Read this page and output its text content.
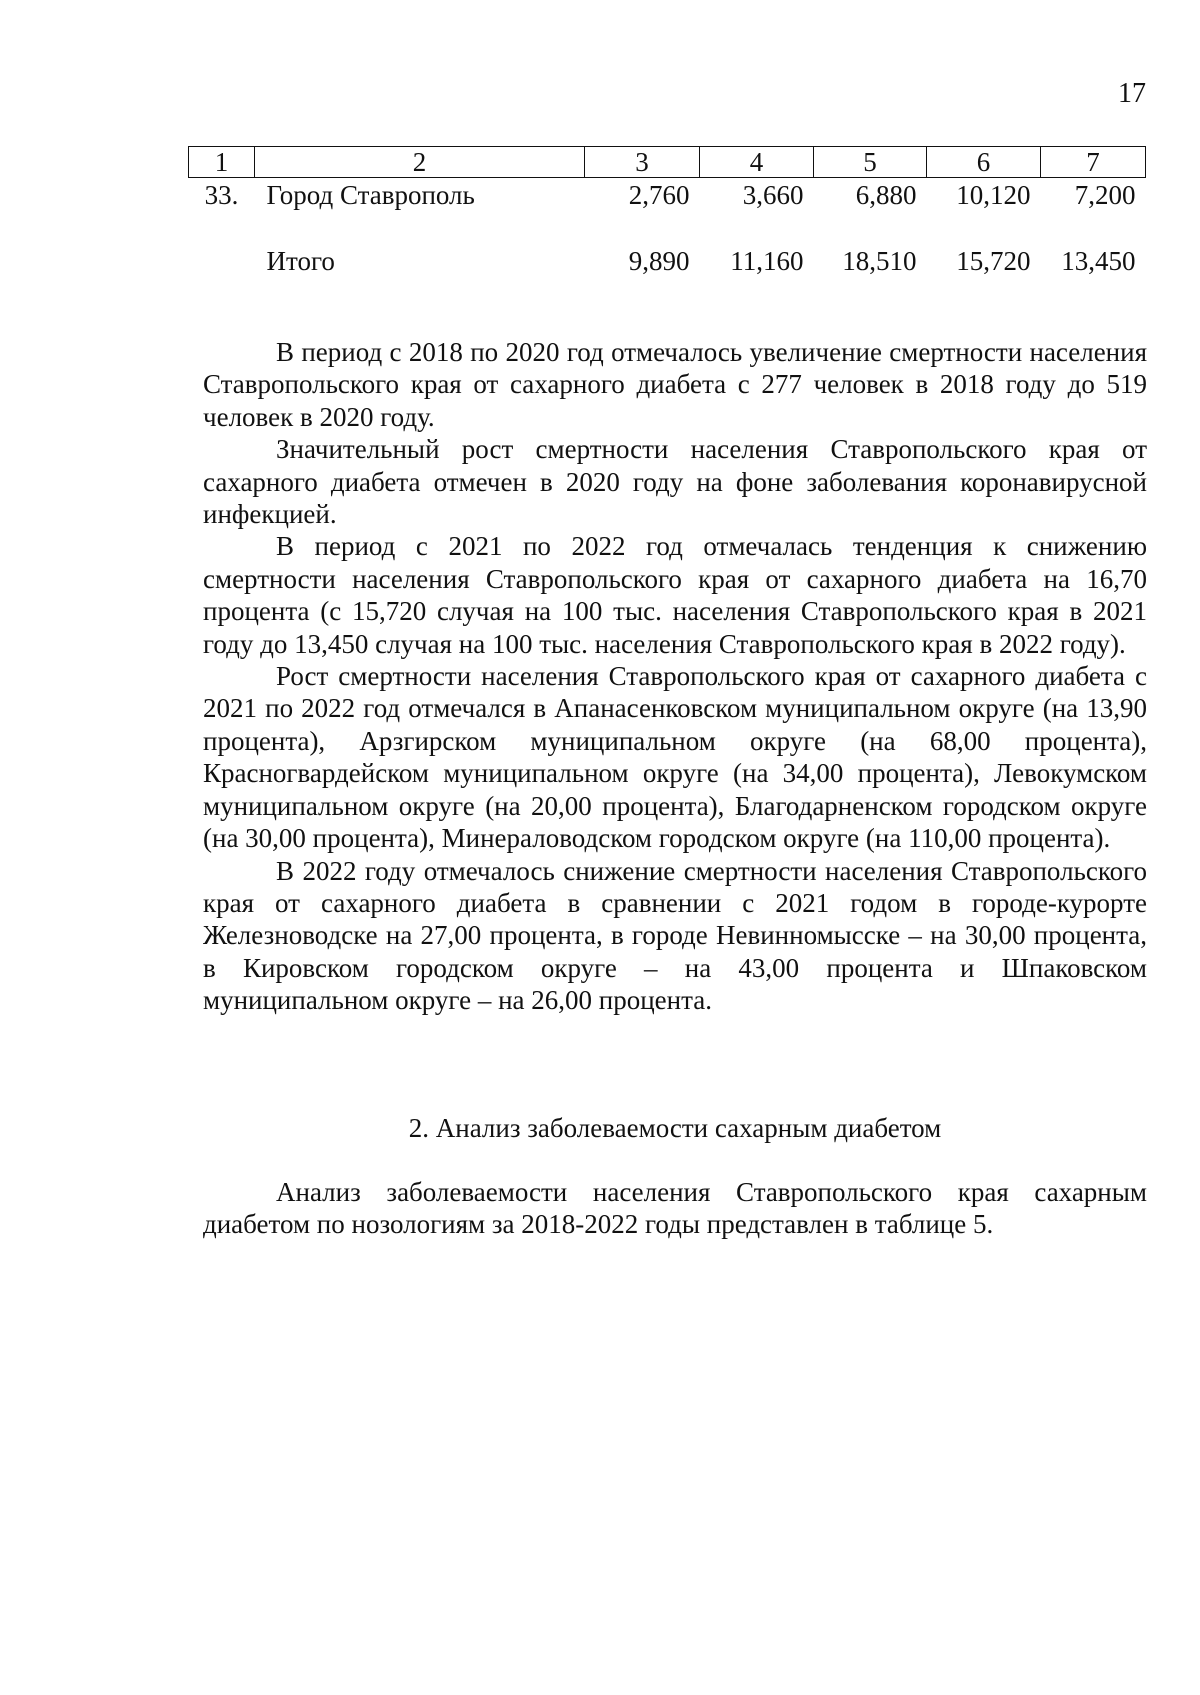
17
1	2	3	4	5	6	7
33.	Город Ставрополь	2,760	3,660	6,880	10,120	7,200

	Итого	9,890	11,160	18,510	15,720	13,450

В период с 2018 по 2020 год отмечалось увеличение смертности населения Ставропольского края от сахарного диабета с 277 человек в 2018 году до 519 человек в 2020 году.

Значительный рост смертности населения Ставропольского края от сахарного диабета отмечен в 2020 году на фоне заболевания коронавирусной инфекцией.

В период с 2021 по 2022 год отмечалась тенденция к снижению смертности населения Ставропольского края от сахарного диабета на 16,70 процента (с 15,720 случая на 100 тыс. населения Ставропольского края в 2021 году до 13,450 случая на 100 тыс. населения Ставропольского края в 2022 году).

Рост смертности населения Ставропольского края от сахарного диабета с 2021 по 2022 год отмечался в Апанасенковском муниципальном округе (на 13,90 процента), Арзгирском муниципальном округе (на 68,00 процента), Красногвардейском муниципальном округе (на 34,00 процента), Левокумском муниципальном округе (на 20,00 процента), Благодарненском городском округе (на 30,00 процента), Минераловодском городском округе (на 110,00 процента).

В 2022 году отмечалось снижение смертности населения Ставропольского края от сахарного диабета в сравнении с 2021 годом в городе-курорте Железноводске на 27,00 процента, в городе Невинномысске – на 30,00 процента, в Кировском городском округе – на 43,00 процента и Шпаковском муниципальном округе – на 26,00 процента.

2. Анализ заболеваемости сахарным диабетом

Анализ заболеваемости населения Ставропольского края сахарным диабетом по нозологиям за 2018-2022 годы представлен в таблице 5.
